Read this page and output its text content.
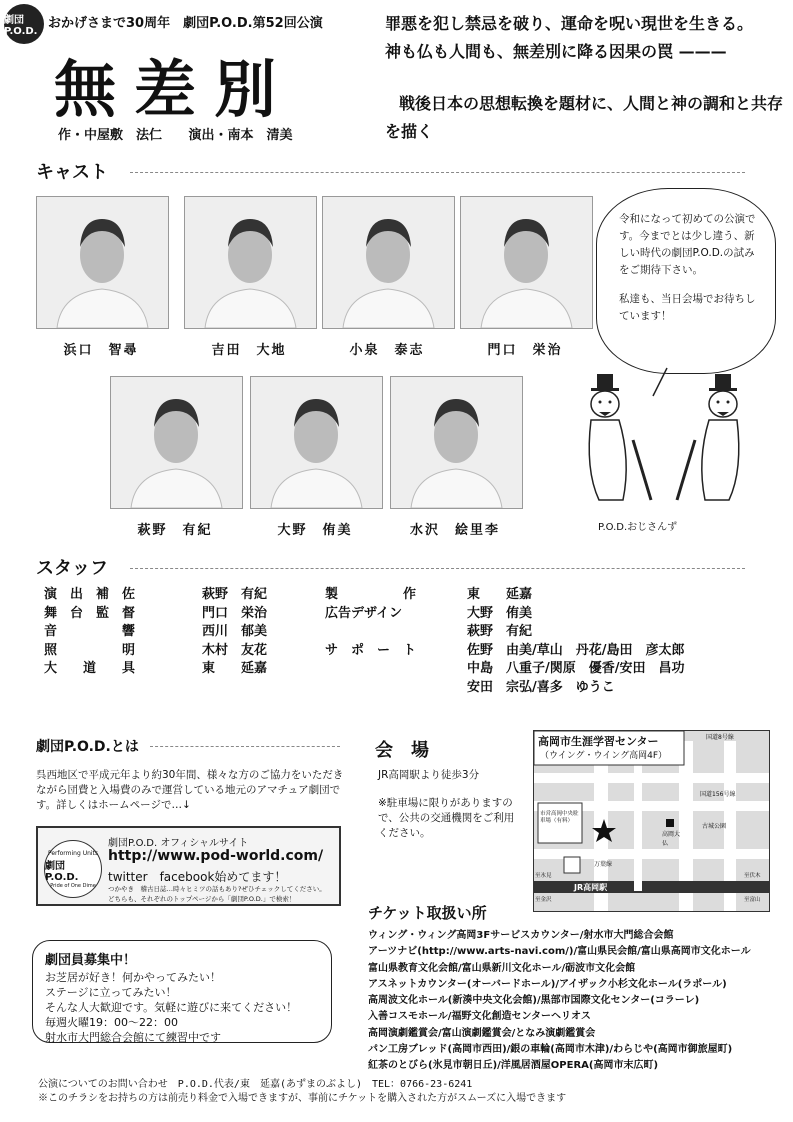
劇団P.O.D.
おかげさまで30周年　劇団P.O.D.第52回公演
無差別
作・中屋敷　法仁 演出・南本　清美
罪悪を犯し禁忌を破り、運命を呪い現世を生きる。
神も仏も人間も、無差別に降る因果の罠 ———
戦後日本の思想転換を題材に、人間と神の調和と共存を描く
キャスト
浜口　智尋	吉田　大地	小泉　泰志	門口　栄治
萩野　有紀	大野　侑美	水沢　絵里李
令和になって初めての公演です。今までとは少し違う、新しい時代の劇団P.O.D.の試みをご期待下さい。
私達も、当日会場でお待ちしています！
P.O.D.おじさんず
スタッフ
演　出　補　佐	萩野　有紀
舞　台　監　督	門口　栄治
音　　　　　響	西川　郁美
照　　　　　明	木村　友花
大　　道　　具	東　　延嘉
製　　　　　作	東　　延嘉
広告デザイン	大野　侑美
萩野　有紀
サ　ポ　ー　ト	佐野　由美/草山　丹花/島田　彦太郎
中島　八重子/関原　優香/安田　昌功
安田　宗弘/喜多　ゆうこ
劇団P.O.D.とは
呉西地区で平成元年より約30年間、様々な方のご協力をいただきながら団費と入場費のみで運営している地元のアマチュア劇団です。詳しくはホームページで…↓
Performing Units
劇団 P.O.D.
Pride of One Dime
劇団P.O.D. オフィシャルサイト
http://www.pod-world.com/
twitter　facebook始めてます！
つかやき　稽古日誌…時々ヒミツの話もあり?ぜひチェックしてください。
どちらも、それぞれのトップページから「劇団P.O.D.」で検索！
劇団員募集中！
お芝居が好き！何かやってみたい！
ステージに立ってみたい！
そんな人大歓迎です。気軽に遊びに来てください！
毎週火曜19：00〜22：00
射水市大門総合会館にて練習中です
会　場
JR高岡駅より徒歩3分
※駐車場に限りがありますので、公共の交通機関をご利用ください。
高岡市生涯学習センター
（ウイング・ウイング高岡4F）
国道8号線
国道156号線
高岡大仏
古城公園
万葉線
JR高岡駅
市営高岡中央駐車場（有料）
至金沢	至富山
至伏木
至氷見
チケット取扱い所
ウィング・ウィング高岡3Fサービスカウンター/射水市大門総合会館
アーツナビ(http://www.arts-navi.com/)/富山県民会館/富山県高岡市文化ホール
富山県教育文化会館/富山県新川文化ホール/砺波市文化会館
アスネットカウンター(オーバードホール)/アイザック小杉文化ホール(ラポール)
高周波文化ホール(新湊中央文化会館)/黒部市国際文化センター(コラーレ)
入善コスモホール/福野文化創造センターヘリオス
高岡演劇鑑賞会/富山演劇鑑賞会/となみ演劇鑑賞会
パン工房ブレッド(高岡市西田)/銀の車輪(高岡市木津)/わらじや(高岡市御旅屋町)
紅茶のとびら(氷見市朝日丘)/洋風居酒屋OPERA(高岡市末広町)
公演についてのお問い合わせ　P.O.D.代表/東　延嘉(あずまのぶよし)　TEL：0766-23-6241
※このチラシをお持ちの方は前売り料金で入場できますが、事前にチケットを購入された方がスムーズに入場できます
